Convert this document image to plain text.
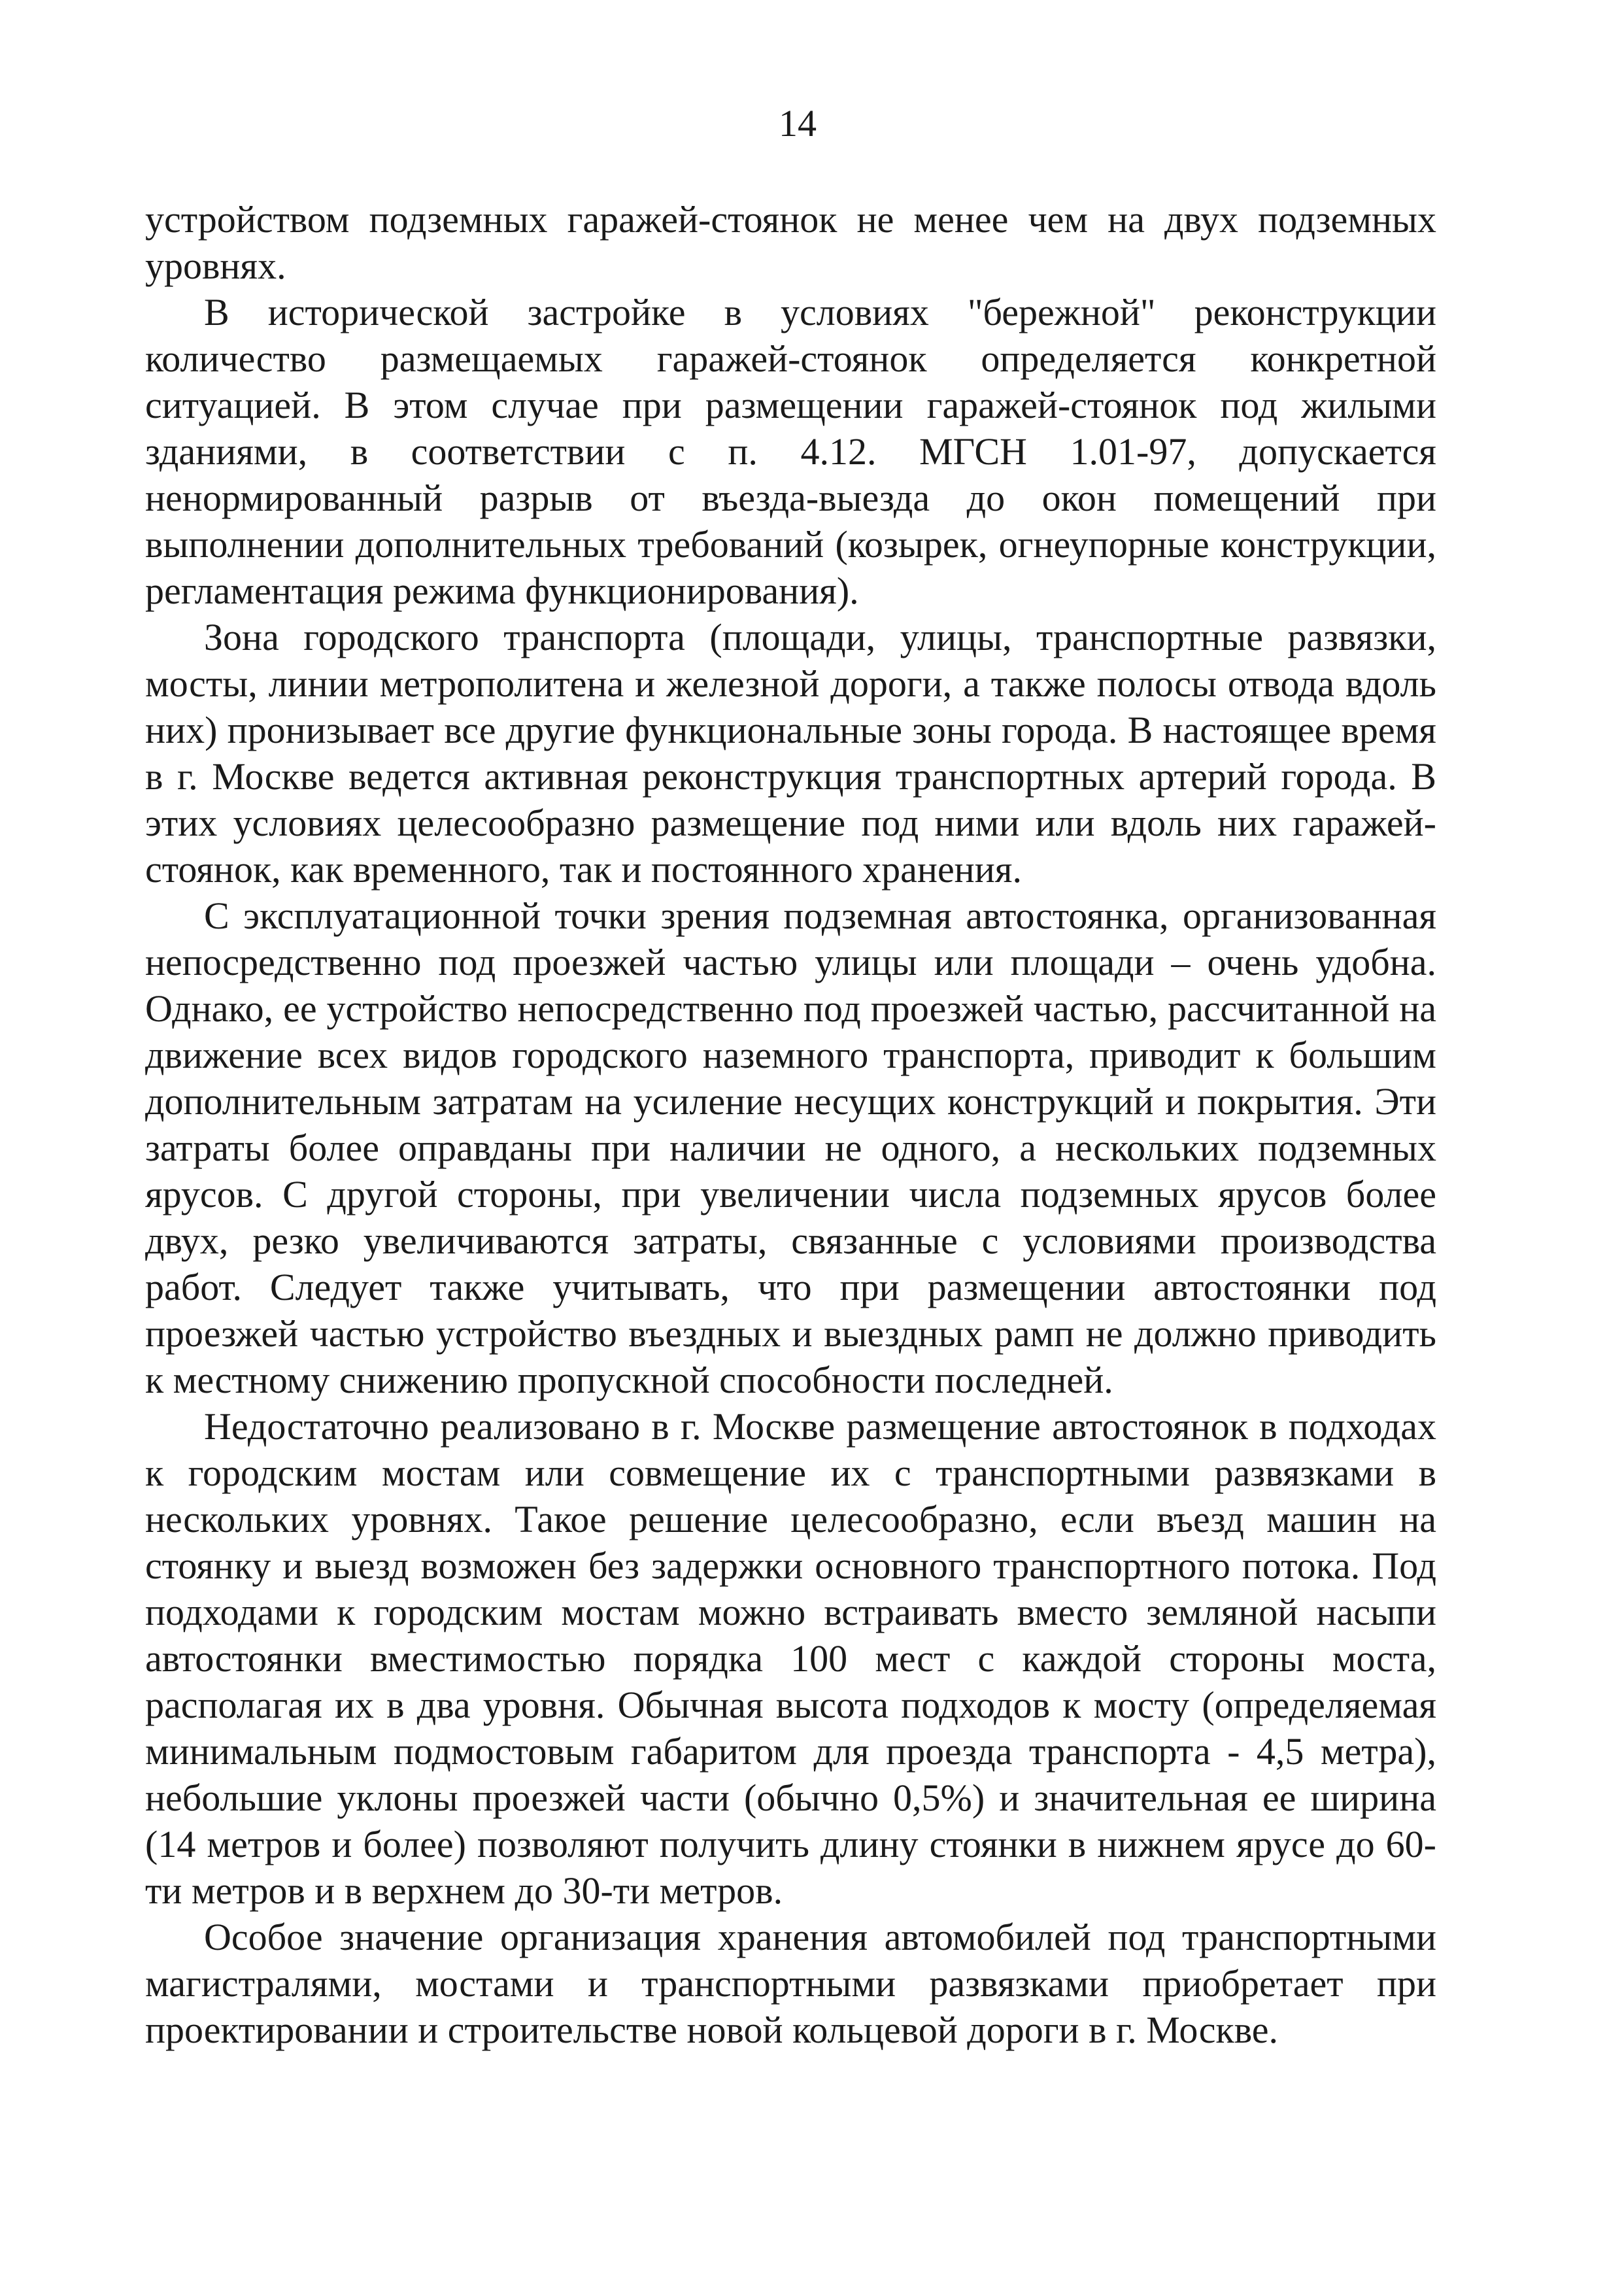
14

устройством подземных гаражей-стоянок не менее чем на двух подземных уровнях.

В исторической застройке в условиях "бережной" реконструкции количество размещаемых гаражей-стоянок определяется конкретной ситуацией. В этом случае при размещении гаражей-стоянок под жилыми зданиями, в соответствии с п. 4.12. МГСН 1.01-97, допускается ненормированный разрыв от въезда-выезда до окон помещений при выполнении дополнительных требований (козырек, огнеупорные конструкции, регламентация режима функционирования).

Зона городского транспорта (площади, улицы, транспортные развязки, мосты, линии метрополитена и железной дороги, а также полосы отвода вдоль них) пронизывает все другие функциональные зоны города. В настоящее время в г. Москве ведется активная реконструкция транспортных артерий города. В этих условиях целесообразно размещение под ними или вдоль них гаражей-стоянок, как временного, так и постоянного хранения.

С эксплуатационной точки зрения подземная автостоянка, организованная непосредственно под проезжей частью улицы или площади – очень удобна. Однако, ее устройство непосредственно под проезжей частью, рассчитанной на движение всех видов городского наземного транспорта, приводит к большим дополнительным затратам на усиление несущих конструкций и покрытия. Эти затраты более оправданы при наличии не одного, а нескольких подземных ярусов. С другой стороны, при увеличении числа подземных ярусов более двух, резко увеличиваются затраты, связанные с условиями производства работ. Следует также учитывать, что при размещении автостоянки под проезжей частью устройство въездных и выездных рамп не должно приводить к местному снижению пропускной способности последней.

Недостаточно реализовано в г. Москве размещение автостоянок в подходах к городским мостам или совмещение их с транспортными развязками в нескольких уровнях. Такое решение целесообразно, если въезд машин на стоянку и выезд возможен без задержки основного транспортного потока. Под подходами к городским мостам можно встраивать вместо земляной насыпи автостоянки вместимостью порядка 100 мест с каждой стороны моста, располагая их в два уровня. Обычная высота подходов к мосту (определяемая минимальным подмостовым габаритом для проезда транспорта - 4,5 метра), небольшие уклоны проезжей части (обычно 0,5%) и значительная ее ширина (14 метров и более) позволяют получить длину стоянки в нижнем ярусе до 60-ти метров и в верхнем до 30-ти метров.

Особое значение организация хранения автомобилей под транспортными магистралями, мостами и транспортными развязками приобретает при проектировании и строительстве новой кольцевой дороги в г. Москве.
